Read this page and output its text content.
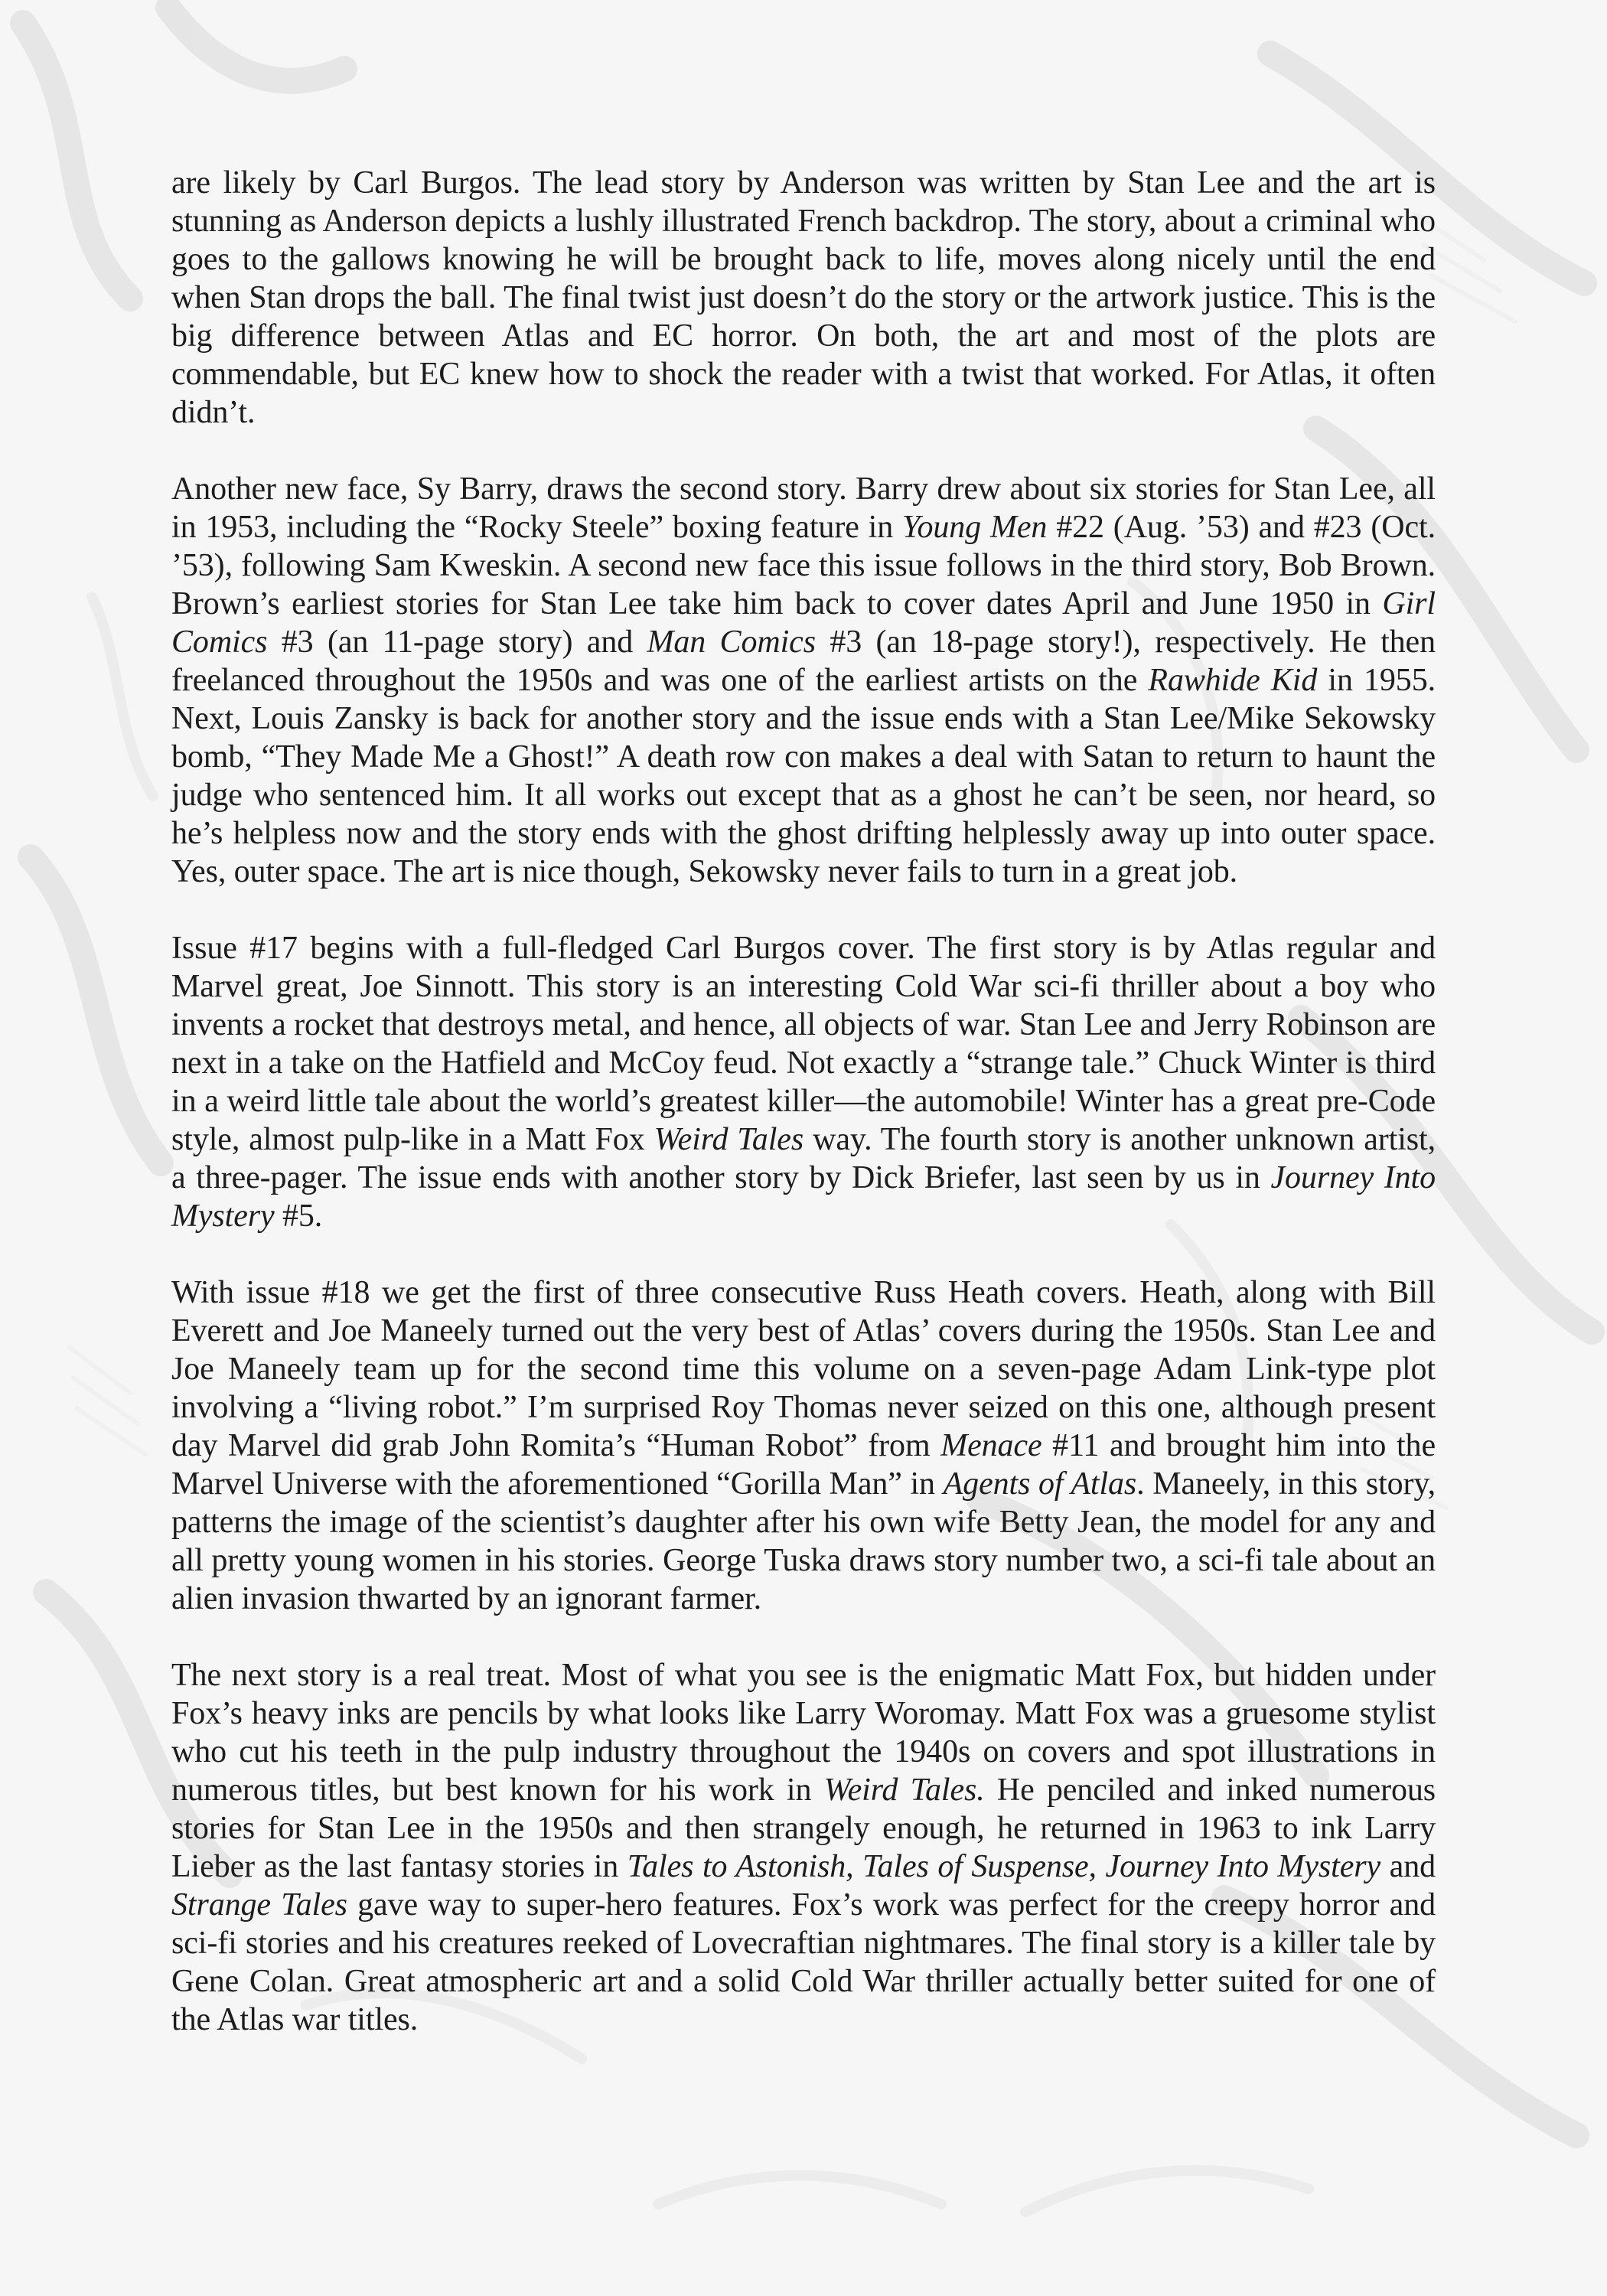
are likely by Carl Burgos. The lead story by Anderson was written by Stan Lee and the art is stunning as Anderson depicts a lushly illustrated French backdrop. The story, about a criminal who goes to the gallows knowing he will be brought back to life, moves along nicely until the end when Stan drops the ball. The final twist just doesn’t do the story or the artwork justice. This is the big difference between Atlas and EC horror. On both, the art and most of the plots are commendable, but EC knew how to shock the reader with a twist that worked. For Atlas, it often didn’t.

Another new face, Sy Barry, draws the second story. Barry drew about six stories for Stan Lee, all in 1953, including the “Rocky Steele” boxing feature in Young Men #22 (Aug. ’53) and #23 (Oct. ’53), following Sam Kweskin. A second new face this issue follows in the third story, Bob Brown. Brown’s earliest stories for Stan Lee take him back to cover dates April and June 1950 in Girl Comics #3 (an 11-page story) and Man Comics #3 (an 18-page story!), respectively. He then freelanced throughout the 1950s and was one of the earliest artists on the Rawhide Kid in 1955. Next, Louis Zansky is back for another story and the issue ends with a Stan Lee/Mike Sekowsky bomb, “They Made Me a Ghost!” A death row con makes a deal with Satan to return to haunt the judge who sentenced him. It all works out except that as a ghost he can’t be seen, nor heard, so he’s helpless now and the story ends with the ghost drifting helplessly away up into outer space. Yes, outer space. The art is nice though, Sekowsky never fails to turn in a great job.

Issue #17 begins with a full-fledged Carl Burgos cover. The first story is by Atlas regular and Marvel great, Joe Sinnott. This story is an interesting Cold War sci-fi thriller about a boy who invents a rocket that destroys metal, and hence, all objects of war. Stan Lee and Jerry Robinson are next in a take on the Hatfield and McCoy feud. Not exactly a “strange tale.” Chuck Winter is third in a weird little tale about the world’s greatest killer—the automobile! Winter has a great pre-Code style, almost pulp-like in a Matt Fox Weird Tales way. The fourth story is another unknown artist, a three-pager. The issue ends with another story by Dick Briefer, last seen by us in Journey Into Mystery #5.

With issue #18 we get the first of three consecutive Russ Heath covers. Heath, along with Bill Everett and Joe Maneely turned out the very best of Atlas’ covers during the 1950s. Stan Lee and Joe Maneely team up for the second time this volume on a seven-page Adam Link-type plot involving a “living robot.” I’m surprised Roy Thomas never seized on this one, although present day Marvel did grab John Romita’s “Human Robot” from Menace #11 and brought him into the Marvel Universe with the aforementioned “Gorilla Man” in Agents of Atlas. Maneely, in this story, patterns the image of the scientist’s daughter after his own wife Betty Jean, the model for any and all pretty young women in his stories. George Tuska draws story number two, a sci-fi tale about an alien invasion thwarted by an ignorant farmer.

The next story is a real treat. Most of what you see is the enigmatic Matt Fox, but hidden under Fox’s heavy inks are pencils by what looks like Larry Woromay. Matt Fox was a gruesome stylist who cut his teeth in the pulp industry throughout the 1940s on covers and spot illustrations in numerous titles, but best known for his work in Weird Tales. He penciled and inked numerous stories for Stan Lee in the 1950s and then strangely enough, he returned in 1963 to ink Larry Lieber as the last fantasy stories in Tales to Astonish, Tales of Suspense, Journey Into Mystery and Strange Tales gave way to super-hero features. Fox’s work was perfect for the creepy horror and sci-fi stories and his creatures reeked of Lovecraftian nightmares. The final story is a killer tale by Gene Colan. Great atmospheric art and a solid Cold War thriller actually better suited for one of the Atlas war titles.
